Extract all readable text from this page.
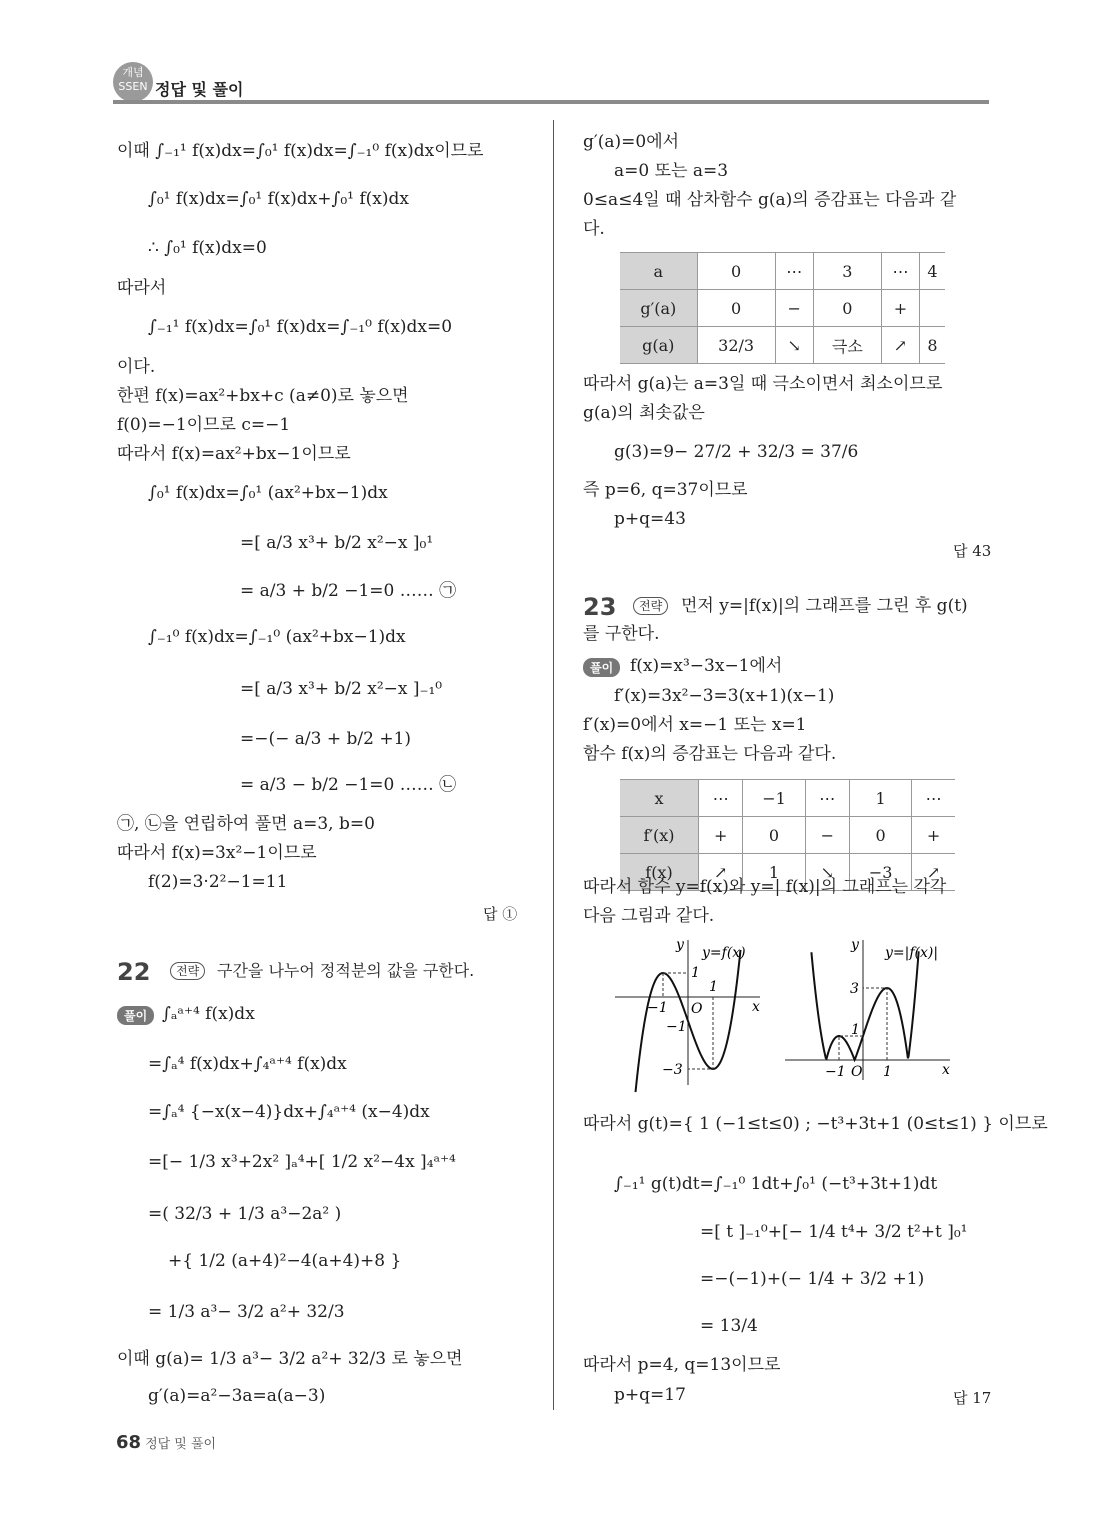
개념 SSEN 정답 및 풀이
이때 ∫₋₁¹ f(x)dx=∫₀¹ f(x)dx=∫₋₁⁰ f(x)dx이므로
∫₀¹ f(x)dx=∫₀¹ f(x)dx+∫₀¹ f(x)dx
∴ ∫₀¹ f(x)dx=0
따라서
∫₋₁¹ f(x)dx=∫₀¹ f(x)dx=∫₋₁⁰ f(x)dx=0
이다.
한편 f(x)=ax²+bx+c (a≠0)로 놓으면
f(0)=−1이므로 c=−1
따라서 f(x)=ax²+bx−1이므로
∫₀¹ f(x)dx=∫₀¹ (ax²+bx−1)dx
=[ a/3 x³+ b/2 x²−x ]₀¹
= a/3 + b/2 −1=0 …… ㉠
∫₋₁⁰ f(x)dx=∫₋₁⁰ (ax²+bx−1)dx
=[ a/3 x³+ b/2 x²−x ]₋₁⁰
=−(− a/3 + b/2 +1)
= a/3 − b/2 −1=0 …… ㉡
㉠, ㉡을 연립하여 풀면 a=3, b=0
따라서 f(x)=3x²−1이므로
f(2)=3·2²−1=11
답 ①
22	전략	구간을 나누어 정적분의 값을 구한다.
풀이 ∫ₐᵃ⁺⁴ f(x)dx
=∫ₐ⁴ f(x)dx+∫₄ᵃ⁺⁴ f(x)dx
=∫ₐ⁴ {−x(x−4)}dx+∫₄ᵃ⁺⁴ (x−4)dx
=[− 1/3 x³+2x² ]ₐ⁴+[ 1/2 x²−4x ]₄ᵃ⁺⁴
=( 32/3 + 1/3 a³−2a² )
+{ 1/2 (a+4)²−4(a+4)+8 }
= 1/3 a³− 3/2 a²+ 32/3
이때 g(a)= 1/3 a³− 3/2 a²+ 32/3 로 놓으면
g′(a)=a²−3a=a(a−3)
g′(a)=0에서
a=0 또는 a=3
0≤a≤4일 때 삼차함수 g(a)의 증감표는 다음과 같
다.
a	0	⋯	3	⋯	4
g′(a)	0	−	0	+	
g(a)	32/3	↘	극소	↗	8
따라서 g(a)는 a=3일 때 극소이면서 최소이므로
g(a)의 최솟값은
g(3)=9− 27/2 + 32/3 = 37/6
즉 p=6, q=37이므로
p+q=43
답 43
23	전략	먼저 y=|f(x)|의 그래프를 그린 후 g(t)
를 구한다.
풀이 f(x)=x³−3x−1에서
f′(x)=3x²−3=3(x+1)(x−1)
f′(x)=0에서 x=−1 또는 x=1
함수 f(x)의 증감표는 다음과 같다.
x	⋯	−1	⋯	1	⋯
f′(x)	+	0	−	0	+
f(x)	↗	1	↘	−3	↗
따라서 함수 y=f(x)와 y=| f(x)|의 그래프는 각각
다음 그림과 같다.
따라서 g(t)={ 1 (−1≤t≤0) ; −t³+3t+1 (0≤t≤1) } 이므로
∫₋₁¹ g(t)dt=∫₋₁⁰ 1dt+∫₀¹ (−t³+3t+1)dt
=[ t ]₋₁⁰+[− 1/4 t⁴+ 3/2 t²+t ]₀¹
=−(−1)+(− 1/4 + 3/2 +1)
= 13/4
따라서 p=4, q=13이므로
p+q=17	답 17
y y=f(x)
x
O
1
−1
1
−1
−3
y y=|f(x)|
x
O
3
1
−1	1
68 정답 및 풀이
